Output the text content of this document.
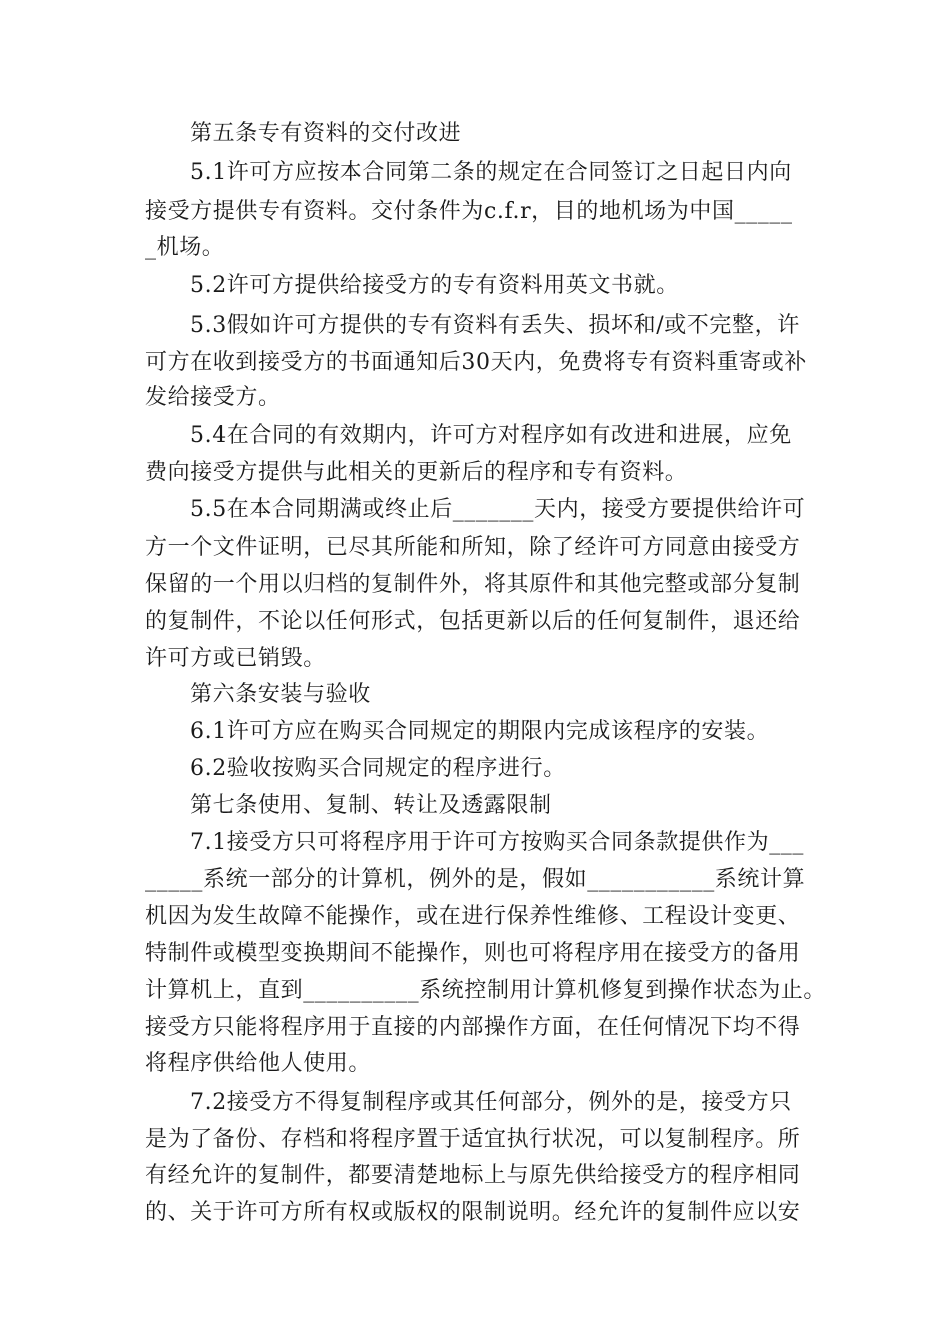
第五条专有资料的交付改进
5.1许可方应按本合同第二条的规定在合同签订之日起日内向
接受方提供专有资料。交付条件为c.f.r，目的地机场为中国_____
_机场。
5.2许可方提供给接受方的专有资料用英文书就。
5.3假如许可方提供的专有资料有丢失、损坏和/或不完整，许
可方在收到接受方的书面通知后30天内，免费将专有资料重寄或补
发给接受方。
5.4在合同的有效期内，许可方对程序如有改进和进展，应免
费向接受方提供与此相关的更新后的程序和专有资料。
5.5在本合同期满或终止后_______天内，接受方要提供给许可
方一个文件证明，已尽其所能和所知，除了经许可方同意由接受方
保留的一个用以归档的复制件外，将其原件和其他完整或部分复制
的复制件，不论以任何形式，包括更新以后的任何复制件，退还给
许可方或已销毁。
第六条安装与验收
6.1许可方应在购买合同规定的期限内完成该程序的安装。
6.2验收按购买合同规定的程序进行。
第七条使用、复制、转让及透露限制
7.1接受方只可将程序用于许可方按购买合同条款提供作为___
_____系统一部分的计算机，例外的是，假如___________系统计算
机因为发生故障不能操作，或在进行保养性维修、工程设计变更、
特制件或模型变换期间不能操作，则也可将程序用在接受方的备用
计算机上，直到__________系统控制用计算机修复到操作状态为止。
接受方只能将程序用于直接的内部操作方面，在任何情况下均不得
将程序供给他人使用。
7.2接受方不得复制程序或其任何部分，例外的是，接受方只
是为了备份、存档和将程序置于适宜执行状况，可以复制程序。所
有经允许的复制件，都要清楚地标上与原先供给接受方的程序相同
的、关于许可方所有权或版权的限制说明。经允许的复制件应以安
